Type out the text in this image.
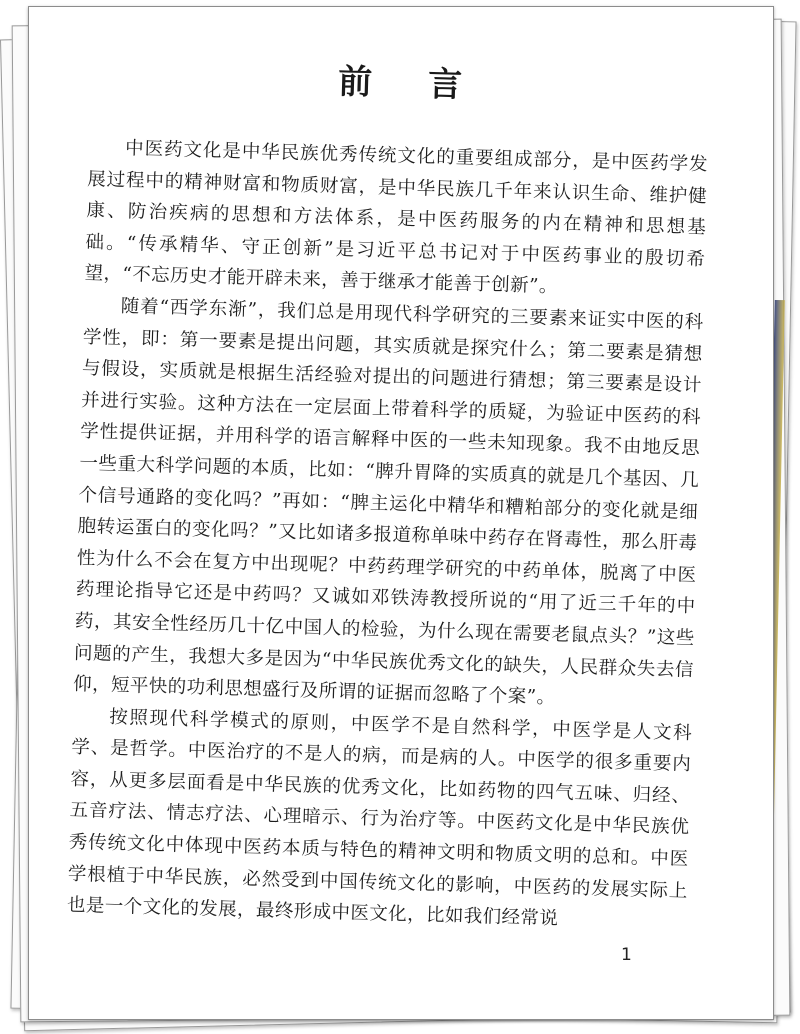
前 言

中医药文化是中华民族优秀传统文化的重要组成部分，是中医药学发展过程中的精神财富和物质财富，是中华民族几千年来认识生命、维护健康、防治疾病的思想和方法体系，是中医药服务的内在精神和思想基础。“传承精华、守正创新”是习近平总书记对于中医药事业的殷切希望，“不忘历史才能开辟未来，善于继承才能善于创新”。

随着“西学东渐”，我们总是用现代科学研究的三要素来证实中医的科学性，即：第一要素是提出问题，其实质就是探究什么；第二要素是猜想与假设，实质就是根据生活经验对提出的问题进行猜想；第三要素是设计并进行实验。这种方法在一定层面上带着科学的质疑，为验证中医药的科学性提供证据，并用科学的语言解释中医的一些未知现象。我不由地反思一些重大科学问题的本质，比如：“脾升胃降的实质真的就是几个基因、几个信号通路的变化吗？”再如：“脾主运化中精华和糟粕部分的变化就是细胞转运蛋白的变化吗？”又比如诸多报道称单味中药存在肾毒性，那么肝毒性为什么不会在复方中出现呢？中药药理学研究的中药单体，脱离了中医药理论指导它还是中药吗？又诚如邓铁涛教授所说的“用了近三千年的中药，其安全性经历几十亿中国人的检验，为什么现在需要老鼠点头？”这些问题的产生，我想大多是因为“中华民族优秀文化的缺失，人民群众失去信仰，短平快的功利思想盛行及所谓的证据而忽略了个案”。

按照现代科学模式的原则，中医学不是自然科学，中医学是人文科学、是哲学。中医治疗的不是人的病，而是病的人。中医学的很多重要内容，从更多层面看是中华民族的优秀文化，比如药物的四气五味、归经、五音疗法、情志疗法、心理暗示、行为治疗等。中医药文化是中华民族优秀传统文化中体现中医药本质与特色的精神文明和物质文明的总和。中医学根植于中华民族，必然受到中国传统文化的影响，中医药的发展实际上也是一个文化的发展，最终形成中医文化，比如我们经常说

1
